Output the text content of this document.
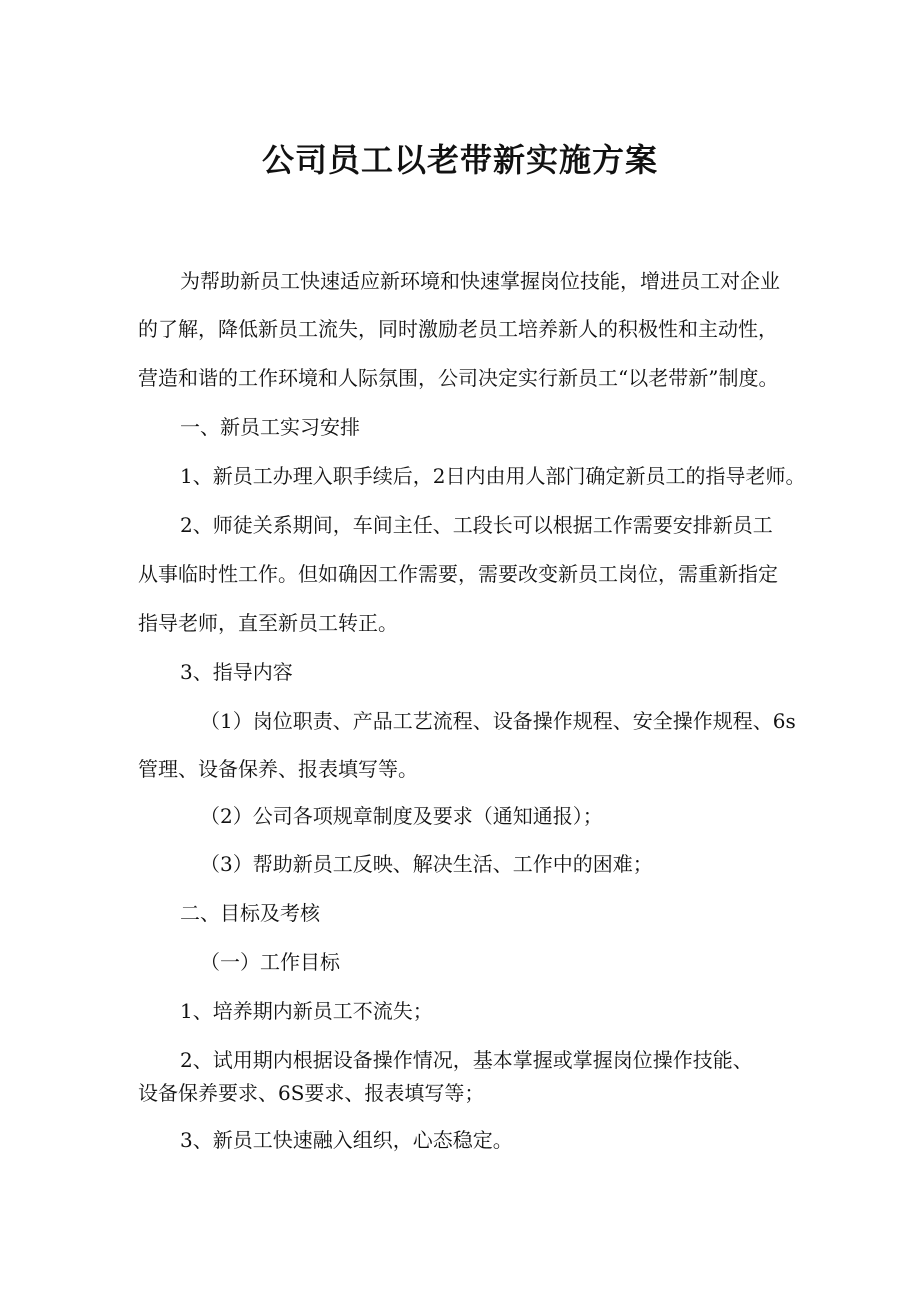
公司员工以老带新实施方案
为帮助新员工快速适应新环境和快速掌握岗位技能，增进员工对企业
的了解，降低新员工流失，同时激励老员工培养新人的积极性和主动性，
营造和谐的工作环境和人际氛围，公司决定实行新员工“以老带新”制度。
一、新员工实习安排
1、新员工办理入职手续后，2日内由用人部门确定新员工的指导老师。
2、师徒关系期间，车间主任、工段长可以根据工作需要安排新员工
从事临时性工作。但如确因工作需要，需要改变新员工岗位，需重新指定
指导老师，直至新员工转正。
3、指导内容
（1）岗位职责、产品工艺流程、设备操作规程、安全操作规程、6s
管理、设备保养、报表填写等。
（2）公司各项规章制度及要求（通知通报）；
（3）帮助新员工反映、解决生活、工作中的困难；
二、目标及考核
（一）工作目标
1、培养期内新员工不流失；
2、试用期内根据设备操作情况，基本掌握或掌握岗位操作技能、
设备保养要求、6S要求、报表填写等；
3、新员工快速融入组织，心态稳定。
